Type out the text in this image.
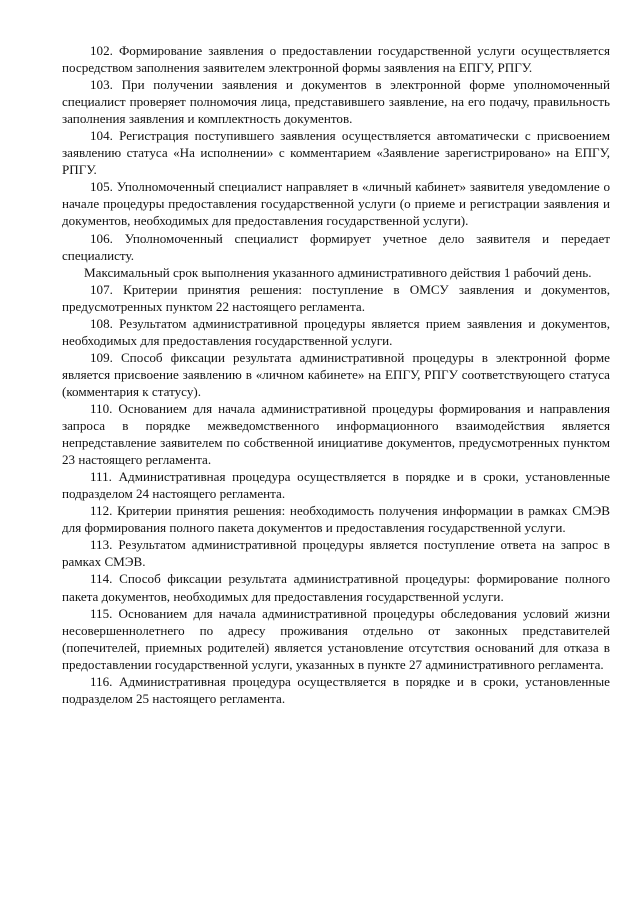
102. Формирование заявления о предоставлении государственной услуги осуществляется посредством заполнения заявителем электронной формы заявления на ЕПГУ, РПГУ.

103. При получении заявления и документов в электронной форме уполномоченный специалист проверяет полномочия лица, представившего заявление, на его подачу, правильность заполнения заявления и комплектность документов.

104. Регистрация поступившего заявления осуществляется автоматически с присвоением заявлению статуса «На исполнении» с комментарием «Заявление зарегистрировано» на ЕПГУ, РПГУ.

105. Уполномоченный специалист направляет в «личный кабинет» заявителя уведомление о начале процедуры предоставления государственной услуги (о приеме и регистрации заявления и документов, необходимых для предоставления государственной услуги).

106. Уполномоченный специалист формирует учетное дело заявителя и передает специалисту.

Максимальный срок выполнения указанного административного действия 1 рабочий день.

107. Критерии принятия решения: поступление в ОМСУ заявления и документов, предусмотренных пунктом 22 настоящего регламента.

108. Результатом административной процедуры является прием заявления и документов, необходимых для предоставления государственной услуги.

109. Способ фиксации результата административной процедуры в электронной форме является присвоение заявлению в «личном кабинете» на ЕПГУ, РПГУ соответствующего статуса (комментария к статусу).

110. Основанием для начала административной процедуры формирования и направления запроса в порядке межведомственного информационного взаимодействия является непредставление заявителем по собственной инициативе документов, предусмотренных пунктом 23 настоящего регламента.

111. Административная процедура осуществляется в порядке и в сроки, установленные подразделом 24 настоящего регламента.

112. Критерии принятия решения: необходимость получения информации в рамках СМЭВ для формирования полного пакета документов и предоставления государственной услуги.

113. Результатом административной процедуры является поступление ответа на запрос в рамках СМЭВ.

114. Способ фиксации результата административной процедуры: формирование полного пакета документов, необходимых для предоставления государственной услуги.

115. Основанием для начала административной процедуры обследования условий жизни несовершеннолетнего по адресу проживания отдельно от законных представителей (попечителей, приемных родителей) является установление отсутствия оснований для отказа в предоставлении государственной услуги, указанных в пункте 27 административного регламента.

116. Административная процедура осуществляется в порядке и в сроки, установленные подразделом 25 настоящего регламента.
